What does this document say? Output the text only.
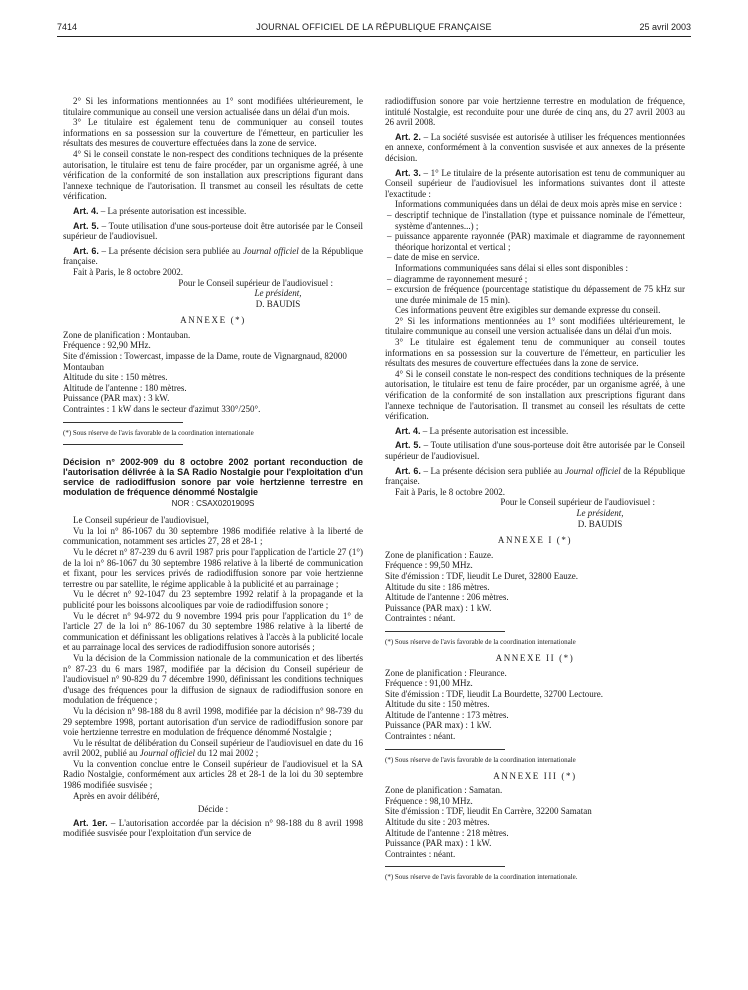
7414	JOURNAL OFFICIEL DE LA RÉPUBLIQUE FRANÇAISE	25 avril 2003

2° Si les informations mentionnées au 1° sont modifiées ultérieurement, le titulaire communique au conseil une version actualisée dans un délai d'un mois.

3° Le titulaire est également tenu de communiquer au conseil toutes informations en sa possession sur la couverture de l'émetteur, en particulier les résultats des mesures de couverture effectuées dans la zone de service.

4° Si le conseil constate le non-respect des conditions techniques de la présente autorisation, le titulaire est tenu de faire procéder, par un organisme agréé, à une vérification de la conformité de son installation aux prescriptions figurant dans l'annexe technique de l'autorisation. Il transmet au conseil les résultats de cette vérification.

Art. 4. – La présente autorisation est incessible.

Art. 5. – Toute utilisation d'une sous-porteuse doit être autorisée par le Conseil supérieur de l'audiovisuel.

Art. 6. – La présente décision sera publiée au Journal officiel de la République française.

Fait à Paris, le 8 octobre 2002.

Pour le Conseil supérieur de l'audiovisuel :

Le président,

D. BAUDIS

ANNEXE (*)

Zone de planification : Montauban.

Fréquence : 92,90 MHz.

Site d'émission : Towercast, impasse de la Dame, route de Vignargnaud, 82000 Montauban

Altitude du site : 150 mètres.

Altitude de l'antenne : 180 mètres.

Puissance (PAR max) : 3 kW.

Contraintes : 1 kW dans le secteur d'azimut 330°/250°.

(*) Sous réserve de l'avis favorable de la coordination internationale

Décision n° 2002-909 du 8 octobre 2002 portant reconduction de l'autorisation délivrée à la SA Radio Nostalgie pour l'exploitation d'un service de radiodiffusion sonore par voie hertzienne terrestre en modulation de fréquence dénommé Nostalgie

NOR : CSAX0201909S

Le Conseil supérieur de l'audiovisuel,

Vu la loi n° 86-1067 du 30 septembre 1986 modifiée relative à la liberté de communication, notamment ses articles 27, 28 et 28-1 ;

Vu le décret n° 87-239 du 6 avril 1987 pris pour l'application de l'article 27 (1°) de la loi n° 86-1067 du 30 septembre 1986 relative à la liberté de communication et fixant, pour les services privés de radiodiffusion sonore par voie hertzienne terrestre ou par satellite, le régime applicable à la publicité et au parrainage ;

Vu le décret n° 92-1047 du 23 septembre 1992 relatif à la propagande et la publicité pour les boissons alcooliques par voie de radiodiffusion sonore ;

Vu le décret n° 94-972 du 9 novembre 1994 pris pour l'application du 1° de l'article 27 de la loi n° 86-1067 du 30 septembre 1986 relative à la liberté de communication et définissant les obligations relatives à l'accès à la publicité locale et au parrainage local des services de radiodiffusion sonore autorisés ;

Vu la décision de la Commission nationale de la communication et des libertés n° 87-23 du 6 mars 1987, modifiée par la décision du Conseil supérieur de l'audiovisuel n° 90-829 du 7 décembre 1990, définissant les conditions techniques d'usage des fréquences pour la diffusion de signaux de radiodiffusion sonore en modulation de fréquence ;

Vu la décision n° 98-188 du 8 avril 1998, modifiée par la décision n° 98-739 du 29 septembre 1998, portant autorisation d'un service de radiodiffusion sonore par voie hertzienne terrestre en modulation de fréquence dénommé Nostalgie ;

Vu le résultat de délibération du Conseil supérieur de l'audiovisuel en date du 16 avril 2002, publié au Journal officiel du 12 mai 2002 ;

Vu la convention conclue entre le Conseil supérieur de l'audiovisuel et la SA Radio Nostalgie, conformément aux articles 28 et 28-1 de la loi du 30 septembre 1986 modifiée susvisée ;

Après en avoir délibéré,

Décide :

Art. 1er. – L'autorisation accordée par la décision n° 98-188 du 8 avril 1998 modifiée susvisée pour l'exploitation d'un service de

radiodiffusion sonore par voie hertzienne terrestre en modulation de fréquence, intitulé Nostalgie, est reconduite pour une durée de cinq ans, du 27 avril 2003 au 26 avril 2008.

Art. 2. – La société susvisée est autorisée à utiliser les fréquences mentionnées en annexe, conformément à la convention susvisée et aux annexes de la présente décision.

Art. 3. – 1° Le titulaire de la présente autorisation est tenu de communiquer au Conseil supérieur de l'audiovisuel les informations suivantes dont il atteste l'exactitude :

Informations communiquées dans un délai de deux mois après mise en service :

– descriptif technique de l'installation (type et puissance nominale de l'émetteur, système d'antennes...) ;

– puissance apparente rayonnée (PAR) maximale et diagramme de rayonnement théorique horizontal et vertical ;

– date de mise en service.

Informations communiquées sans délai si elles sont disponibles :

– diagramme de rayonnement mesuré ;

– excursion de fréquence (pourcentage statistique du dépassement de 75 kHz sur une durée minimale de 15 min).

Ces informations peuvent être exigibles sur demande expresse du conseil.

2° Si les informations mentionnées au 1° sont modifiées ultérieurement, le titulaire communique au conseil une version actualisée dans un délai d'un mois.

3° Le titulaire est également tenu de communiquer au conseil toutes informations en sa possession sur la couverture de l'émetteur, en particulier les résultats des mesures de couverture effectuées dans la zone de service.

4° Si le conseil constate le non-respect des conditions techniques de la présente autorisation, le titulaire est tenu de faire procéder, par un organisme agréé, à une vérification de la conformité de son installation aux prescriptions figurant dans l'annexe technique de l'autorisation. Il transmet au conseil les résultats de cette vérification.

Art. 4. – La présente autorisation est incessible.

Art. 5. – Toute utilisation d'une sous-porteuse doit être autorisée par le Conseil supérieur de l'audiovisuel.

Art. 6. – La présente décision sera publiée au Journal officiel de la République française.

Fait à Paris, le 8 octobre 2002.

Pour le Conseil supérieur de l'audiovisuel :

Le président,

D. BAUDIS

ANNEXE I (*)

Zone de planification : Eauze.

Fréquence : 99,50 MHz.

Site d'émission : TDF, lieudit Le Duret, 32800 Eauze.

Altitude du site : 186 mètres.

Altitude de l'antenne : 206 mètres.

Puissance (PAR max) : 1 kW.

Contraintes : néant.

(*) Sous réserve de l'avis favorable de la coordination internationale

ANNEXE II (*)

Zone de planification : Fleurance.

Fréquence : 91,00 MHz.

Site d'émission : TDF, lieudit La Bourdette, 32700 Lectoure.

Altitude du site : 150 mètres.

Altitude de l'antenne : 173 mètres.

Puissance (PAR max) : 1 kW.

Contraintes : néant.

(*) Sous réserve de l'avis favorable de la coordination internationale

ANNEXE III (*)

Zone de planification : Samatan.

Fréquence : 98,10 MHz.

Site d'émission : TDF, lieudit En Carrère, 32200 Samatan

Altitude du site : 203 mètres.

Altitude de l'antenne : 218 mètres.

Puissance (PAR max) : 1 kW.

Contraintes : néant.

(*) Sous réserve de l'avis favorable de la coordination internationale.
